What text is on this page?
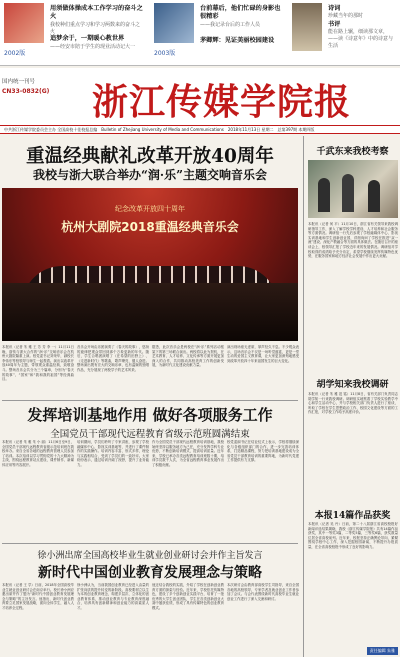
用须做体操成本工作学习的奋斗之火
我校种们重点学习和学习两数来的奋斗之火
追梦余于，一期暖心教世界
——经安市陪于学生的现业活动记大一
2002版
台前幕后，他们忙碌的身影也很精彩
——我记录台后的工作人员
茅卿辉：见证美丽校园建设
2003版
诗词
珍藏当年的那时
书评
能在路上辗，细读那文章，——读《诗意年》中的诗意与生活
国内统一刊号
CN33-0832(G)	浙江传媒学院报
中共浙江传媒学院委员会主办 全国高校十佳校报总编 Bulletin of Zhejiang University of Media and Communications 2018年11月13日 星期二 总第397期 本期四版
重温经典献礼改革开放40周年
我校与浙大联合举办“润·乐”主题交响音乐会
纪念改革开放四十周年
杭州大剧院2018重温经典音乐会
本报讯（记者 朱 雅 王 芳 芳 李 一）11月11日晚，浙传与浙大合作的“润·乐”交响音乐会在杭州大剧院隆重上演。校党委书记刘荣华，副校长李伟东等校领导与师生一起观看。演出以改革开放40周年为主题，带领观众重温经典，致敬奋斗。整场音乐会共分为三个篇章，分别为“春天的故事”、“国家”和“我和我的祖国”等经典曲目。
音乐会开场由乐团演奏了《春天的故事》，悠扬的旋律把观众带回到那个万象更新的年代。随后，学生合唱团演唱了《在希望的田野上》、《走进新时代》等歌曲，歌声嘹亮，催人奋进。整场演出既有宏大的交响乐章，也有温婉的独唱作品，充分展现了两校学子的艺术风采。
据悉，此次音乐会是两校在“润·乐”系列活动框架下的第三场联合演出。两校将以此为契机，在艺术教育、人才培养、文化传承等方面开展更加深入的合作，共同推动高校美育工作的创新发展，为新时代文化建设贡献力量。
演出现场座无虚席，掌声经久不息。不少观众表示，这场音乐会不仅是一场听觉盛宴，更是一堂生动的爱国主义教育课，让大家更加深刻地感受到改革开放四十年来祖国发生的巨大变化。
发挥培训基地作用 做好各项服务工作
全国党员干部现代远程教育省级示范班圆满结束
本报讯（记者 朱 雅 朱 小 丽）11月6日至9日，全国党员干部现代远程教育省级示范培训班在我校举办。来自全省各地的远程教育管理人员参加了培训。本次培训以学习贯彻党的十九大精神为主线，围绕远程教育站点建设、课件制作、新媒体应用等内容展开。
培训期间，学员们聆听了专家讲座，参观了学校融媒体中心、影视实训基地等，并进行了课件制作的实践操作。培训内容丰富、形式多样，理论与实践相结合，受到了学员们的一致好评。大家纷纷表示，通过培训开阔了视野，提升了业务能力。
作为全国党员干部现代远程教育培训基地，我校始终坚持以服务地方为己任，充分发挥学科专业优势，不断创新培训模式，提高培训质量。近年来，学校已承办各类远程教育培训班数十期，培训学员数千人次，为全省远程教育事业发展作出了积极贡献。
校党委副书记在结业仪式上表示，学校将继续深化与各级组织部门的合作，进一步完善培训体系，打造精品课程，努力把培训基地建设成为全省党员干部教育培训的重要阵地，为新时代党建工作提供有力支撑。
徐小洲出席全国高校毕业生就业创业研讨会并作主旨发言
新时代中国创业教育发展理念与策略
本报讯（记者 王 学）日前，2018年全国高校毕业生就业创业研讨会在南京举行。校长徐小洲应邀出席并作了题为“新时代中国创业教育发展理念与策略”的主旨发言。他指出，新时代创业教育要立足国家发展战略，面向全体学生，融入人才培养全过程。
徐小洲认为，当前我国创业教育已经进入由量的扩张向质的提升转变的新阶段。高校要树立以生为本的创业教育理念，构建多层次、立体化的创业教育体系，推动创业教育与专业教育深度融合，培养具有创新精神和创业能力的高素质人才。
他还结合我校的实践，介绍了学校在创新创业教育方面的探索与经验。近年来，学校依托传媒特色，建设了多个创新创业实践平台，培育了一批优秀的大学生创业团队，学生在各类创新创业大赛中屡获佳绩，形成了具有传媒特色的创业教育模式。
本次研讨会由教育部高校学生司指导，来自全国各地的高校领导、专家学者及就业创业工作者参加了会议。与会代表围绕新时代高校毕业生就业创业工作进行了深入交流和研讨。
千武东来我校考察
本报讯（记者 何 平）11月10日，浙江省有关领导来我校调研指导工作，深入了解学校学科建设、人才培养和社会服务等方面情况。调研组一行先后参观了学校融媒体中心、影视实训基地和学生创新创业园，详细询问了学校在推进“双一流”建设、深化产教融合等方面的具体做法。在随后召开的座谈会上，校领导汇报了学校近年来的发展情况。调研组对学校取得的成绩给予充分肯定，希望学校继续发挥传媒特色优势，在服务国家和地方经济社会发展中作出更大贡献。
胡学知来我校调研
本报讯（记者 朱 雅 范 铭）11月8日，省有关部门负责同志胡学知一行来我校调研。调研组实地察看了学校实验教学中心和学生活动中心，并与学校相关部门负责人进行了座谈，听取了学校在学生思想政治工作、校园文化建设等方面的工作汇报，对学校工作给予高度评价。
本报14篇作品获奖
本报讯（记者 吴 丹）日前，第二十八届浙江省高校校报好新闻评选结果揭晓，我校《浙江传媒学院报》共有14篇作品获奖，其中一等奖3篇，二等奖5篇，三等奖6篇，获奖数量位居全省高校前列。近年来，校报坚持正确舆论导向，紧紧围绕学校中心工作，深入挖掘校园新闻，不断提升办报质量，在全省高校校报中形成了良好的影响力。
责任编辑 朱雅
